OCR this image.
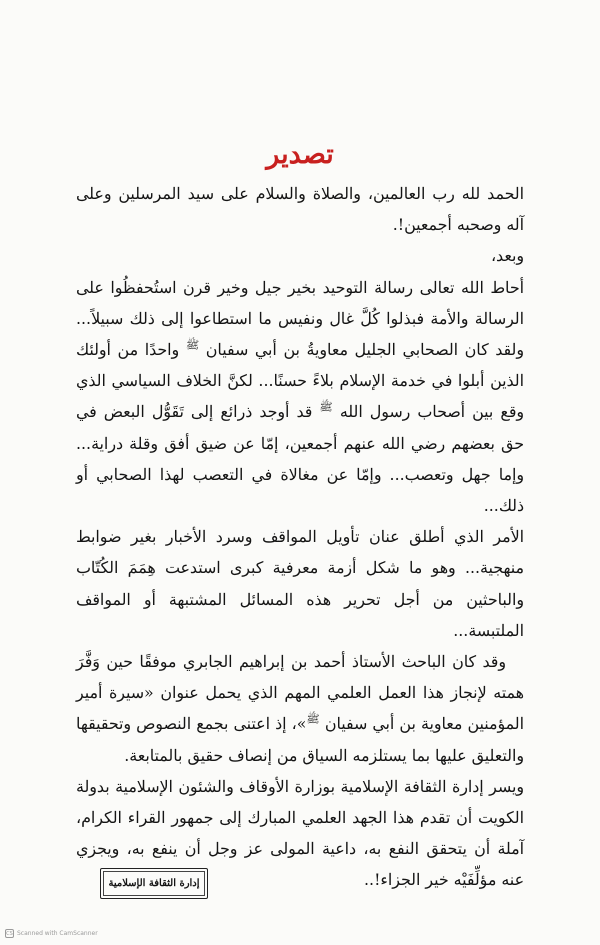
تصدير

الحمد لله رب العالمين، والصلاة والسلام على سيد المرسلين وعلى آله وصحبه أجمعين!.

وبعد،

أحاط الله تعالى رسالة التوحيد بخير جيل وخير قرن استُحفظُوا على الرسالة والأمة فبذلوا كُلَّ غال ونفيس ما استطاعوا إلى ذلك سبيلاً... ولقد كان الصحابي الجليل معاويةُ بن أبي سفيان $^ﷺ$ واحدًا من أولئك الذين أبلوا في خدمة الإسلام بلاءً حسنًا... لكنَّ الخلاف السياسي الذي وقع بين أصحاب رسول الله $^ﷺ$ قد أوجد ذرائع إلى تَقَوُّل البعض في حق بعضهم رضي الله عنهم أجمعين، إمّا عن ضيق أفق وقلة دراية... وإما جهل وتعصب... وإمّا عن مغالاة في التعصب لهذا الصحابي أو ذلك...

الأمر الذي أطلق عنان تأويل المواقف وسرد الأخبار بغير ضوابط منهجية... وهو ما شكل أزمة معرفية كبرى استدعت هِمَمَ الكُتّاب والباحثين من أجل تحرير هذه المسائل المشتبهة أو المواقف الملتبسة...

وقد كان الباحث الأستاذ أحمد بن إبراهيم الجابري موفقًا حين وَفَّرَ همته لإنجاز هذا العمل العلمي المهم الذي يحمل عنوان «سيرة أمير المؤمنين معاوية بن أبي سفيان $^ﷺ$»، إذ اعتنى بجمع النصوص وتحقيقها والتعليق عليها بما يستلزمه السياق من إنصاف حقيق بالمتابعة.

ويسر إدارة الثقافة الإسلامية بوزارة الأوقاف والشئون الإسلامية بدولة الكويت أن تقدم هذا الجهد العلمي المبارك إلى جمهور القراء الكرام، آملة أن يتحقق النفع به، داعية المولى عز وجل أن ينفع به، ويجزي عنه مؤلِّفَيْه خير الجزاء!..

إدارة الثقافة الإسلامية
CS Scanned with CamScanner
